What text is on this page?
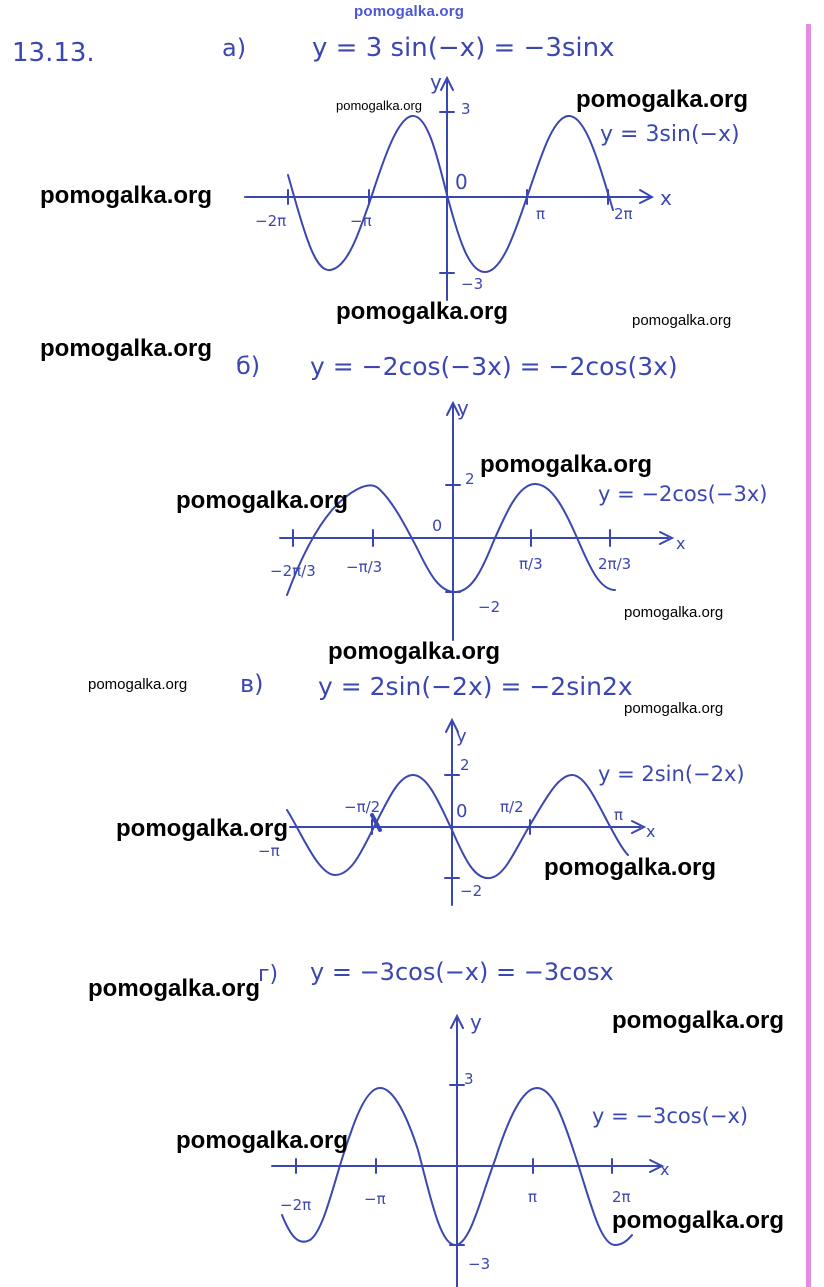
pomogalka.org
13.13.	a)	y = 3 sin(−x) = −3sinx
y = 3sin(−x)
y
x
0
3
−3
−2π	−π	π	2π
б) y = −2cos(−3x) = −2cos(3x)
y = −2cos(−3x)
y
x
0
2
−2
−2π/3 −π/3	π/3	2π/3
в) y = 2sin(−2x) = −2sin2x
y = 2sin(−2x)
y
x
0
2
−2
−π/2	π/2
−π
π
г) y = −3cos(−x) = −3cosx
y = −3cos(−x)
y
x
3
−3
−2π	−π	π	2π
pomogalka.org	pomogalka.org
pomogalka.org
pomogalka.org	pomogalka.org
pomogalka.org
pomogalka.org
pomogalka.org
pomogalka.org
pomogalka.org
pomogalka.org
pomogalka.org
pomogalka.org
pomogalka.org
pomogalka.org
pomogalka.org
pomogalka.org
pomogalka.org
